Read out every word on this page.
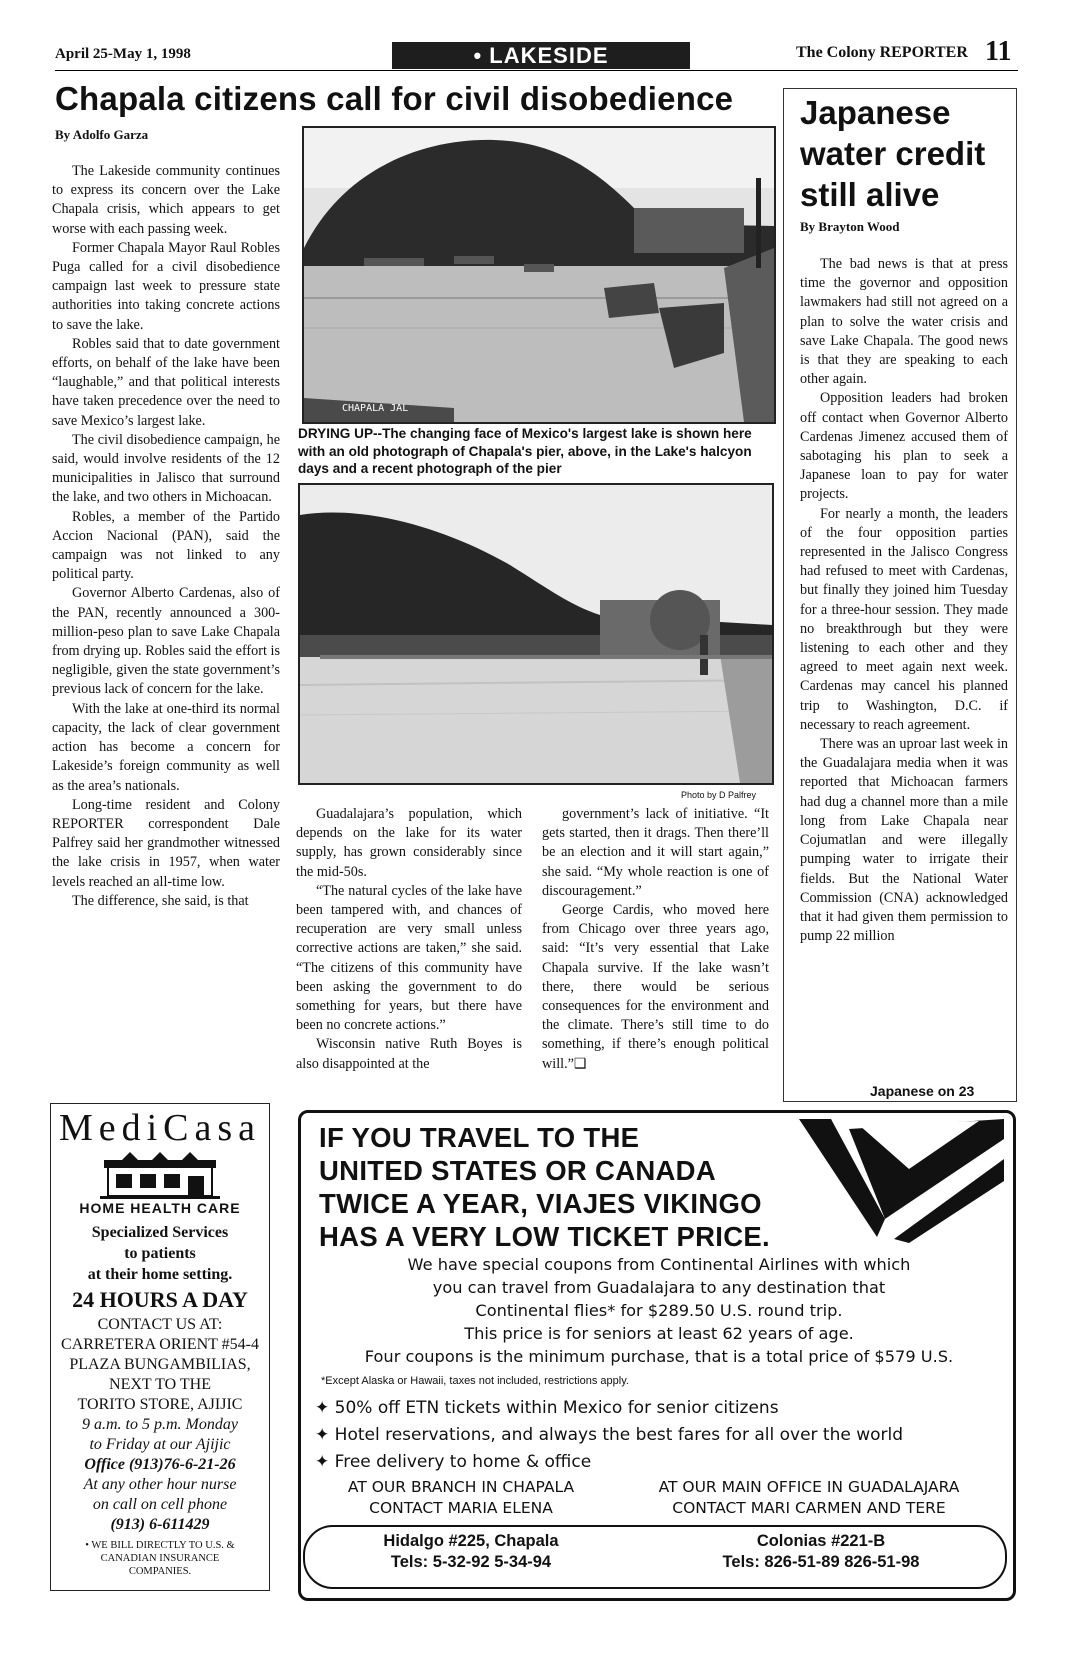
April 25-May 1, 1998	• LAKESIDE	The Colony REPORTER 11
Chapala citizens call for civil disobedience
By Adolfo Garza

The Lakeside community continues to express its concern over the Lake Chapala crisis, which appears to get worse with each passing week.

Former Chapala Mayor Raul Robles Puga called for a civil disobedience campaign last week to pressure state authorities into taking concrete actions to save the lake.

Robles said that to date government efforts, on behalf of the lake have been “laughable,” and that political interests have taken precedence over the need to save Mexico’s largest lake.

The civil disobedience campaign, he said, would involve residents of the 12 municipalities in Jalisco that surround the lake, and two others in Michoacan.

Robles, a member of the Partido Accion Nacional (PAN), said the campaign was not linked to any political party.

Governor Alberto Cardenas, also of the PAN, recently announced a 300-million-peso plan to save Lake Chapala from drying up. Robles said the effort is negligible, given the state government’s previous lack of concern for the lake.

With the lake at one-third its normal capacity, the lack of clear government action has become a concern for Lakeside’s foreign community as well as the area’s nationals.

Long-time resident and Colony REPORTER correspondent Dale Palfrey said her grandmother witnessed the lake crisis in 1957, when water levels reached an all-time low.

The difference, she said, is that

CHAPALA JAL
DRYING UP--The changing face of Mexico's largest lake is shown here with an old photograph of Chapala's pier, above, in the Lake's halcyon days and a recent photograph of the pier
Photo by D Palfrey

Guadalajara’s population, which depends on the lake for its water supply, has grown considerably since the mid-50s.

“The natural cycles of the lake have been tampered with, and chances of recuperation are very small unless corrective actions are taken,” she said. “The citizens of this community have been asking the government to do something for years, but there have been no concrete actions.”

Wisconsin native Ruth Boyes is also disappointed at the

government’s lack of initiative. “It gets started, then it drags. Then there’ll be an election and it will start again,” she said. “My whole reaction is one of discouragement.”

George Cardis, who moved here from Chicago over three years ago, said: “It’s very essential that Lake Chapala survive. If the lake wasn’t there, there would be serious consequences for the environment and the climate. There’s still time to do something, if there’s enough political will.”❑

Japanese
water credit
still alive
By Brayton Wood

The bad news is that at press time the governor and opposition lawmakers had still not agreed on a plan to solve the water crisis and save Lake Chapala. The good news is that they are speaking to each other again.

Opposition leaders had broken off contact when Governor Alberto Cardenas Jimenez accused them of sabotaging his plan to seek a Japanese loan to pay for water projects.

For nearly a month, the leaders of the four opposition parties represented in the Jalisco Congress had refused to meet with Cardenas, but finally they joined him Tuesday for a three-hour session. They made no breakthrough but they were listening to each other and they agreed to meet again next week. Cardenas may cancel his planned trip to Washington, D.C. if necessary to reach agreement.

There was an uproar last week in the Guadalajara media when it was reported that Michoacan farmers had dug a channel more than a mile long from Lake Chapala near Cojumatlan and were illegally pumping water to irrigate their fields. But the National Water Commission (CNA) acknowledged that it had given them permission to pump 22 million

Japanese on 23
MediCasa
HOME HEALTH CARE
Specialized Services
to patients
at their home setting.
24 HOURS A DAY
CONTACT US AT:
CARRETERA ORIENT #54-4
PLAZA BUNGAMBILIAS,
NEXT TO THE
TORITO STORE, AJIJIC
9 a.m. to 5 p.m. Monday
to Friday at our Ajijic
Office (913)76-6-21-26
At any other hour nurse
on call on cell phone
(913) 6-611429
• WE BILL DIRECTLY TO U.S. &
CANADIAN INSURANCE
COMPANIES.
IF YOU TRAVEL TO THE
UNITED STATES OR CANADA
TWICE A YEAR, VIAJES VIKINGO
HAS A VERY LOW TICKET PRICE.
We have special coupons from Continental Airlines with which
you can travel from Guadalajara to any destination that
Continental flies* for $289.50 U.S. round trip.
This price is for seniors at least 62 years of age.
Four coupons is the minimum purchase, that is a total price of $579 U.S.
*Except Alaska or Hawaii, taxes not included, restrictions apply.
✦ 50% off ETN tickets within Mexico for senior citizens
✦ Hotel reservations, and always the best fares for all over the world
✦ Free delivery to home & office
AT OUR BRANCH IN CHAPALA
CONTACT MARIA ELENA
AT OUR MAIN OFFICE IN GUADALAJARA
CONTACT MARI CARMEN AND TERE
Hidalgo #225, Chapala
Tels: 5-32-92 5-34-94
Colonias #221-B
Tels: 826-51-89 826-51-98
